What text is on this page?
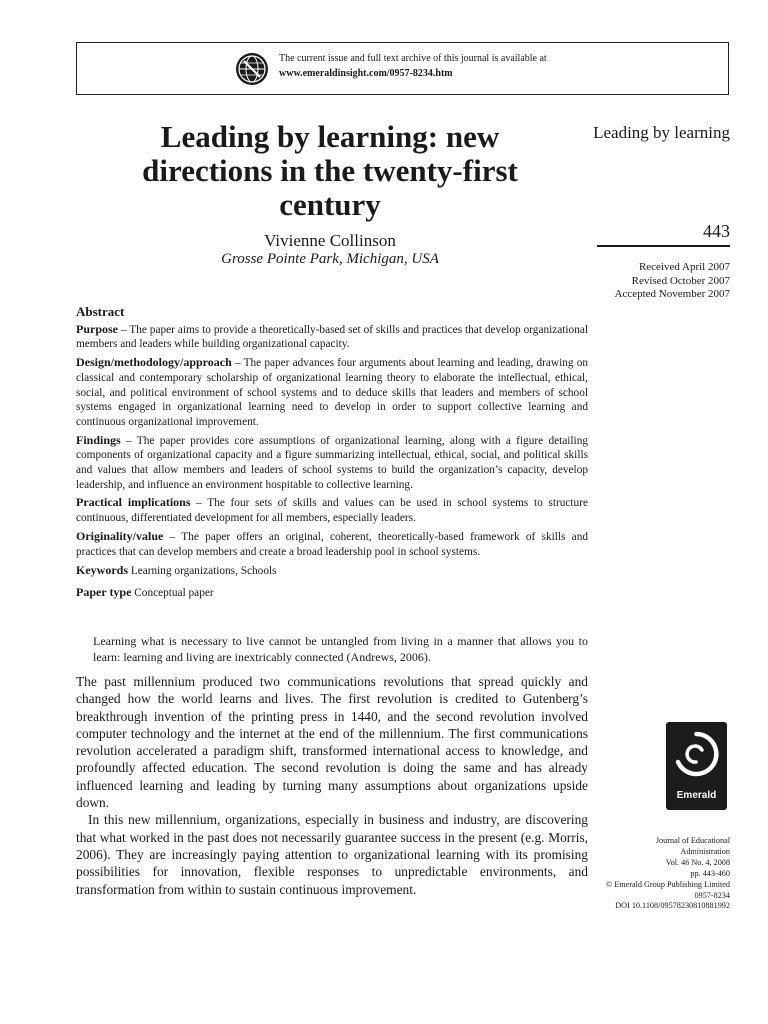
The current issue and full text archive of this journal is available at
www.emeraldinsight.com/0957-8234.htm
Leading by learning: new directions in the twenty-first century
Vivienne Collinson
Grosse Pointe Park, Michigan, USA
Leading by learning
443
Received April 2007
Revised October 2007
Accepted November 2007
Abstract

Purpose – The paper aims to provide a theoretically-based set of skills and practices that develop organizational members and leaders while building organizational capacity.

Design/methodology/approach – The paper advances four arguments about learning and leading, drawing on classical and contemporary scholarship of organizational learning theory to elaborate the intellectual, ethical, social, and political environment of school systems and to deduce skills that leaders and members of school systems engaged in organizational learning need to develop in order to support collective learning and continuous organizational improvement.

Findings – The paper provides core assumptions of organizational learning, along with a figure detailing components of organizational capacity and a figure summarizing intellectual, ethical, social, and political skills and values that allow members and leaders of school systems to build the organization’s capacity, develop leadership, and influence an environment hospitable to collective learning.

Practical implications – The four sets of skills and values can be used in school systems to structure continuous, differentiated development for all members, especially leaders.

Originality/value – The paper offers an original, coherent, theoretically-based framework of skills and practices that can develop members and create a broad leadership pool in school systems.

Keywords Learning organizations, Schools

Paper type Conceptual paper

Learning what is necessary to live cannot be untangled from living in a manner that allows you to learn: learning and living are inextricably connected (Andrews, 2006).

The past millennium produced two communications revolutions that spread quickly and changed how the world learns and lives. The first revolution is credited to Gutenberg’s breakthrough invention of the printing press in 1440, and the second revolution involved computer technology and the internet at the end of the millennium. The first communications revolution accelerated a paradigm shift, transformed international access to knowledge, and profoundly affected education. The second revolution is doing the same and has already influenced learning and leading by turning many assumptions about organizations upside down.

In this new millennium, organizations, especially in business and industry, are discovering that what worked in the past does not necessarily guarantee success in the present (e.g. Morris, 2006). They are increasingly paying attention to organizational learning with its promising possibilities for innovation, flexible responses to unpredictable environments, and transformation from within to sustain continuous improvement.

Emerald
Journal of Educational
Administration
Vol. 46 No. 4, 2008
pp. 443-460
© Emerald Group Publishing Limited
0957-8234
DOI 10.1108/09578230810881992
